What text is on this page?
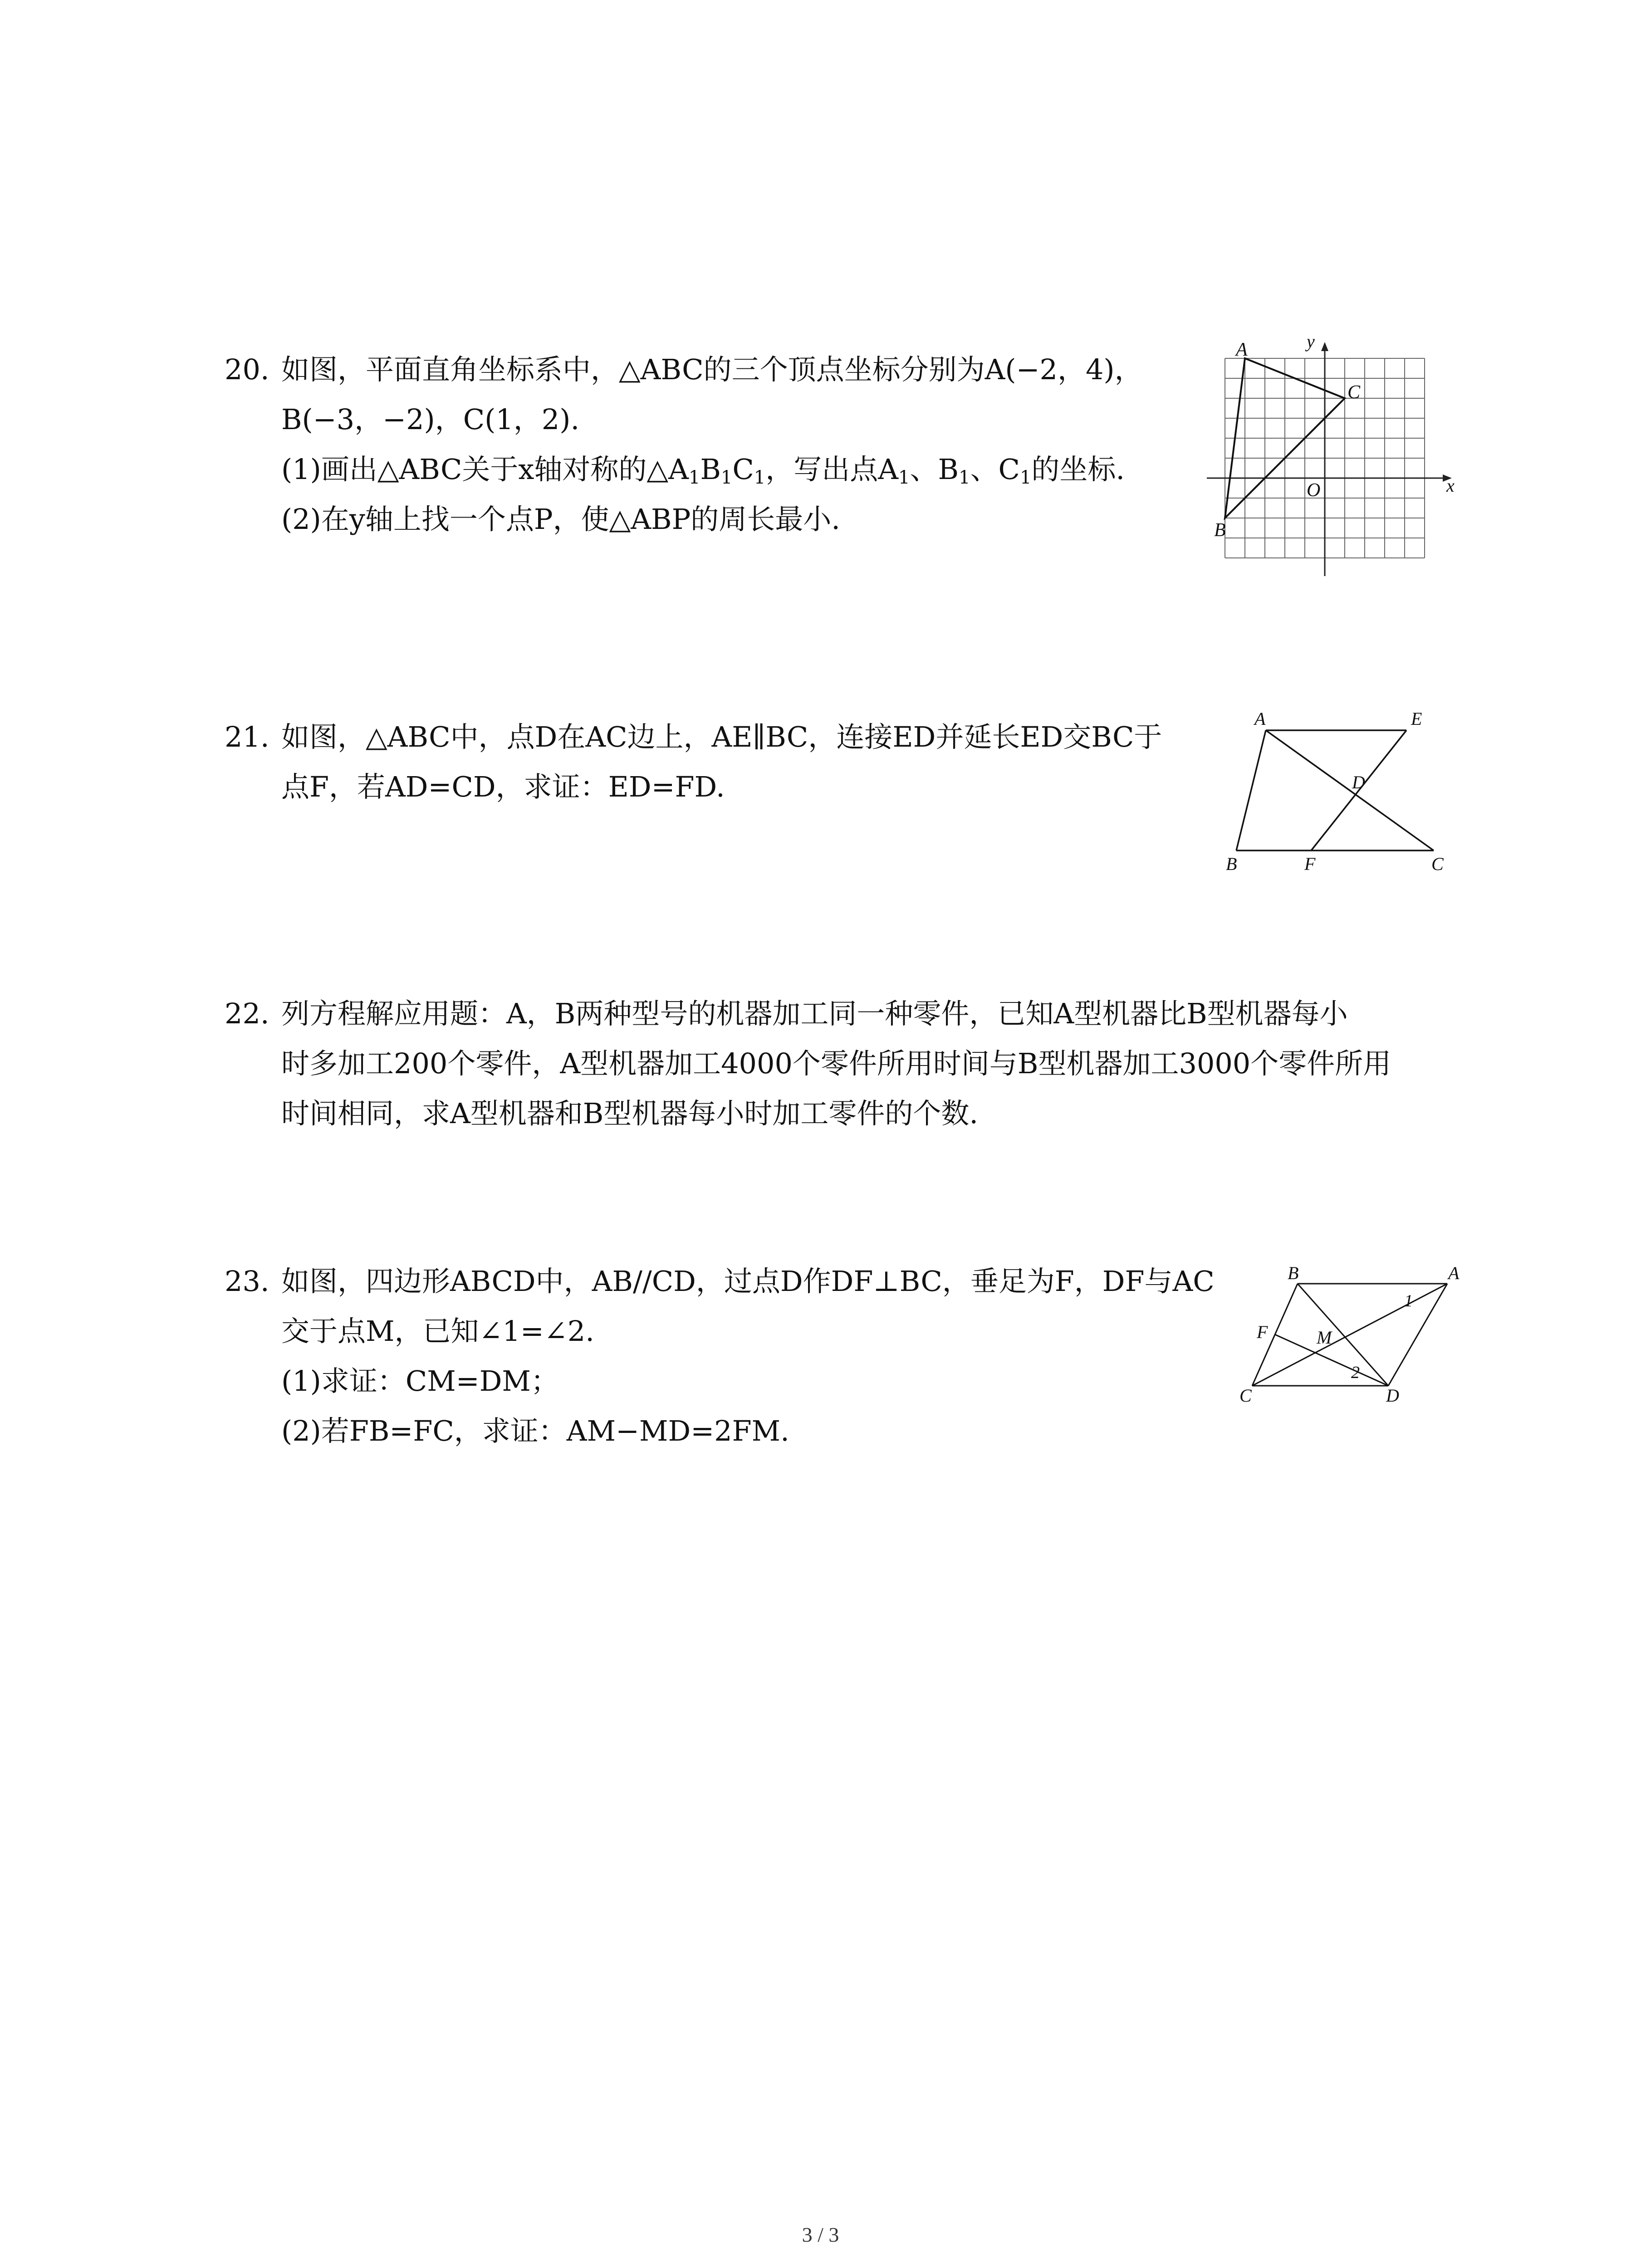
20. 如图，平面直角坐标系中，△ABC的三个顶点坐标分别为A(−2，4)，
B(−3，−2)，C(1，2).
(1)画出△ABC关于x轴对称的$\triangle A_1B_1C_1$，写出点$A_1$、$B_1$、$C_1$的坐标.
(2)在y轴上找一个点P，使△ABP的周长最小.
y
x
A
B
C
O
21. 如图，△ABC中，点D在AC边上，AE∥BC，连接ED并延长ED交BC于
点F，若AD=CD，求证：ED=FD.
A	E
D
B	F	C
22. 列方程解应用题：A，B两种型号的机器加工同一种零件，已知A型机器比B型机器每小
时多加工200个零件，A型机器加工4000个零件所用时间与B型机器加工3000个零件所用
时间相同，求A型机器和B型机器每小时加工零件的个数.
23. 如图，四边形ABCD中，AB//CD，过点D作DF⊥BC，垂足为F，DF与AC
交于点M，已知∠1=∠2.
(1)求证：CM=DM；
(2)若FB=FC，求证：AM−MD=2FM.
B	A
F	M
C	D
1
2
3 / 3
